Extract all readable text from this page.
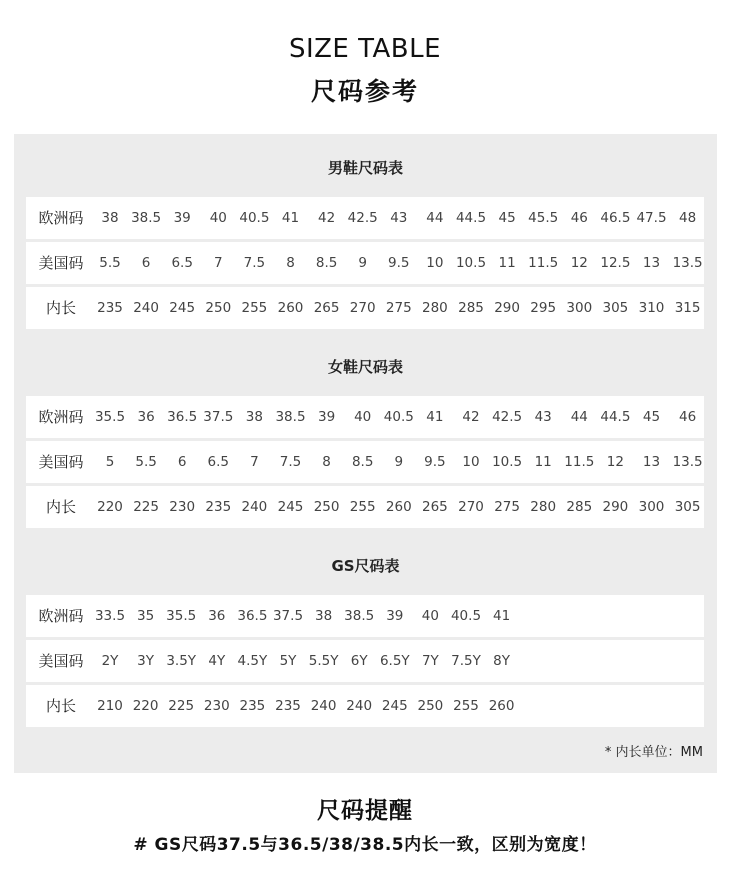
SIZE TABLE
尺码参考
男鞋尺码表
女鞋尺码表
GS尺码表
欧洲码	38 38.5 39 40 40.5 41 42 42.5 43 44 44.5 45 45.5 46 46.5 47.5 48
美国码	5.5 6 6.5 7 7.5 8 8.5 9 9.5 10 10.5 11 11.5 12 12.5 13 13.5
内长	235 240 245 250 255 260 265 270 275 280 285 290 295 300 305 310 315
欧洲码 35.5 36 36.5 37.5 38 38.5 39 40 40.5 41 42 42.5 43 44 44.5 45 46
美国码	5 5.5 6 6.5 7 7.5 8 8.5 9 9.5 10 10.5 11 11.5 12 13 13.5
内长	220 225 230 235 240 245 250 255 260 265 270 275 280 285 290 300 305
欧洲码 33.5 35 35.5 36 36.5 37.5 38 38.5 39 40 40.5 41
美国码	2Y 3Y 3.5Y 4Y 4.5Y 5Y 5.5Y 6Y 6.5Y 7Y 7.5Y 8Y
内长	210 220 225 230 235 235 240 240 245 250 255 260
* 内长单位：MM
尺码提醒
# GS尺码37.5与36.5/38/38.5内长一致，区别为宽度！
